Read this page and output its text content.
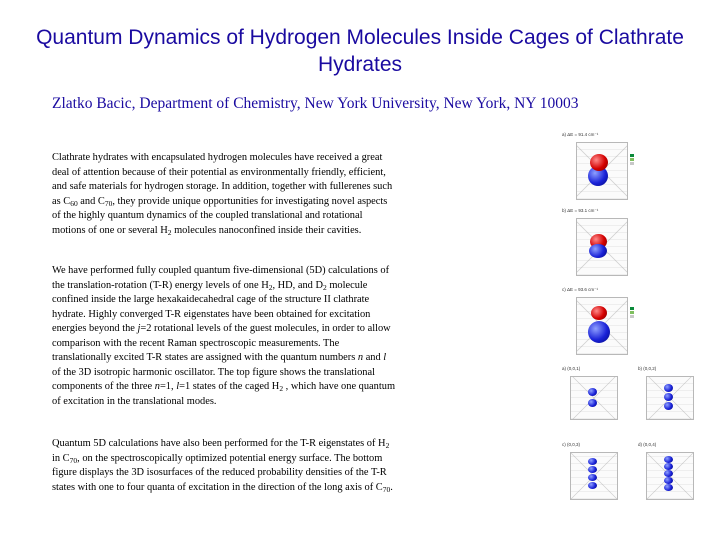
Quantum Dynamics of Hydrogen Molecules Inside Cages of Clathrate Hydrates
Zlatko Bacic, Department of Chemistry, New York University, New York, NY 10003
Clathrate hydrates with encapsulated hydrogen molecules have received a great deal of attention because of their potential as environmentally friendly, efficient, and safe materials for hydrogen storage. In addition, together with fullerenes such as $C_{60}$ and $C_{70}$, they provide unique opportunities for investigating novel aspects of the highly quantum dynamics of the coupled translational and rotational motions of one or several $H_2$ molecules nanoconfined inside their cavities.
We have performed fully coupled quantum five-dimensional (5D) calculations of the translation-rotation (T-R) energy levels of one $H_2$, HD, and $D_2$ molecule confined inside the large hexakaidecahedral cage of the structure II clathrate hydrate. Highly converged T-R eigenstates have been obtained for excitation energies beyond the j=2 rotational levels of the guest molecules, in order to allow comparison with the recent Raman spectroscopic measurements. The translationally excited T-R states are assigned with the quantum numbers n and l of the 3D isotropic harmonic oscillator. The top figure shows the translational components of the three n=1, l=1 states of the caged $H_2$ , which have one quantum of excitation in the translational modes.
Quantum 5D calculations have also been performed for the T-R eigenstates of $H_2$ in $C_{70}$, on the spectroscopically optimized potential energy surface. The bottom figure displays the 3D isosurfaces of the reduced probability densities of the T-R states with one to four quanta of excitation in the direction of the long axis of $C_{70}$.
a) ΔE = 91.4 cm⁻¹
b) ΔE = 93.1 cm⁻¹
c) ΔE = 93.6 cm⁻¹
a) (0,0,1)	b) (0,0,2)
c) (0,0,3)	d) (0,0,4)
